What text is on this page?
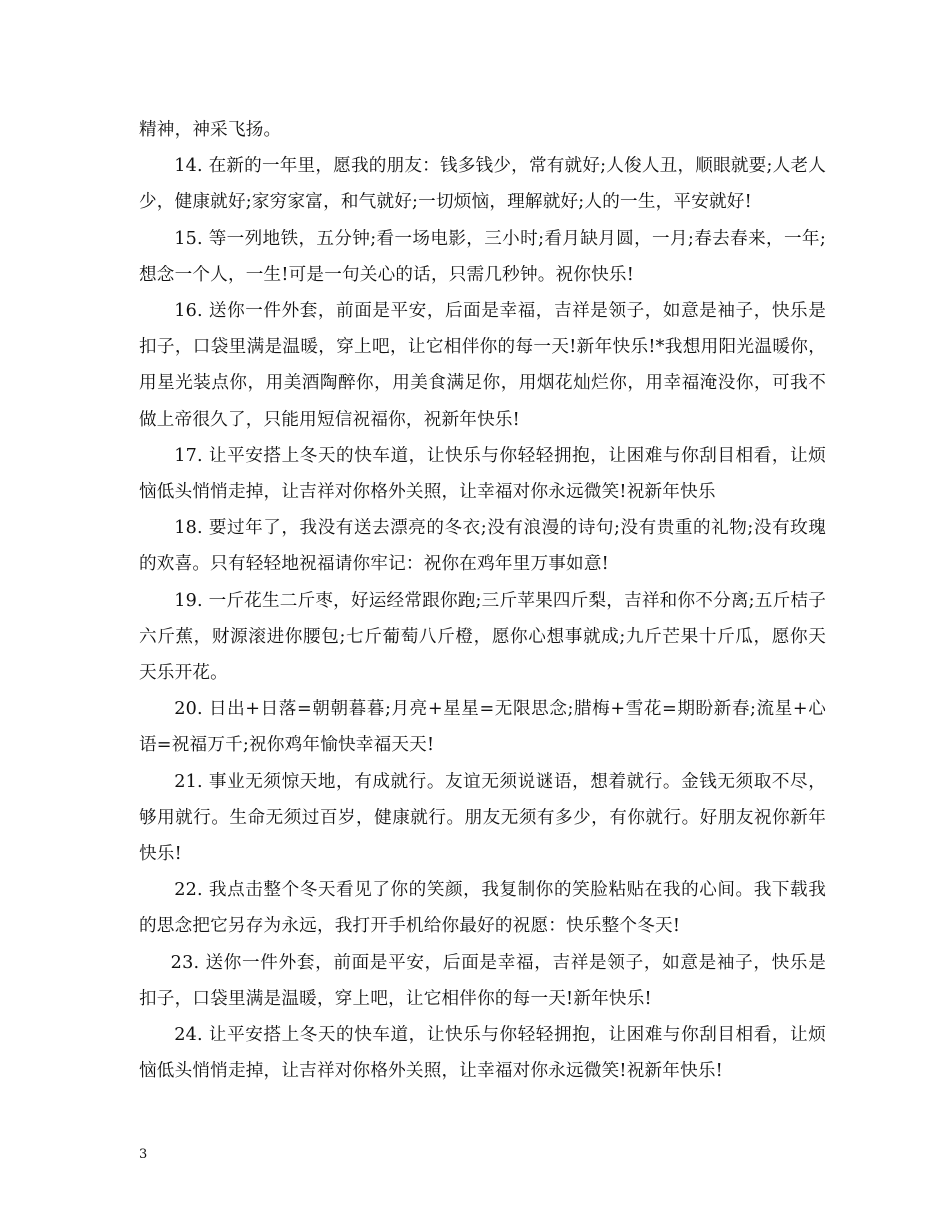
精神，神采飞扬。

14. 在新的一年里，愿我的朋友：钱多钱少，常有就好;人俊人丑，顺眼就要;人老人少，健康就好;家穷家富，和气就好;一切烦恼，理解就好;人的一生，平安就好!

15. 等一列地铁，五分钟;看一场电影，三小时;看月缺月圆，一月;春去春来，一年;想念一个人，一生!可是一句关心的话，只需几秒钟。祝你快乐!

16. 送你一件外套，前面是平安，后面是幸福，吉祥是领子，如意是袖子，快乐是扣子，口袋里满是温暖，穿上吧，让它相伴你的每一天!新年快乐!*我想用阳光温暖你，用星光装点你，用美酒陶醉你，用美食满足你，用烟花灿烂你，用幸福淹没你，可我不做上帝很久了，只能用短信祝福你，祝新年快乐!

17. 让平安搭上冬天的快车道，让快乐与你轻轻拥抱，让困难与你刮目相看，让烦恼低头悄悄走掉，让吉祥对你格外关照，让幸福对你永远微笑!祝新年快乐

18. 要过年了，我没有送去漂亮的冬衣;没有浪漫的诗句;没有贵重的礼物;没有玫瑰的欢喜。只有轻轻地祝福请你牢记：祝你在鸡年里万事如意!

19. 一斤花生二斤枣，好运经常跟你跑;三斤苹果四斤梨，吉祥和你不分离;五斤桔子六斤蕉，财源滚进你腰包;七斤葡萄八斤橙，愿你心想事就成;九斤芒果十斤瓜，愿你天天乐开花。

20. 日出+日落=朝朝暮暮;月亮+星星=无限思念;腊梅+雪花=期盼新春;流星+心语=祝福万千;祝你鸡年愉快幸福天天!

21. 事业无须惊天地，有成就行。友谊无须说谜语，想着就行。金钱无须取不尽，够用就行。生命无须过百岁，健康就行。朋友无须有多少，有你就行。好朋友祝你新年快乐!

22. 我点击整个冬天看见了你的笑颜，我复制你的笑脸粘贴在我的心间。我下载我的思念把它另存为永远，我打开手机给你最好的祝愿：快乐整个冬天!

23. 送你一件外套，前面是平安，后面是幸福，吉祥是领子，如意是袖子，快乐是扣子，口袋里满是温暖，穿上吧，让它相伴你的每一天!新年快乐!

24. 让平安搭上冬天的快车道，让快乐与你轻轻拥抱，让困难与你刮目相看，让烦恼低头悄悄走掉，让吉祥对你格外关照，让幸福对你永远微笑!祝新年快乐!

3
